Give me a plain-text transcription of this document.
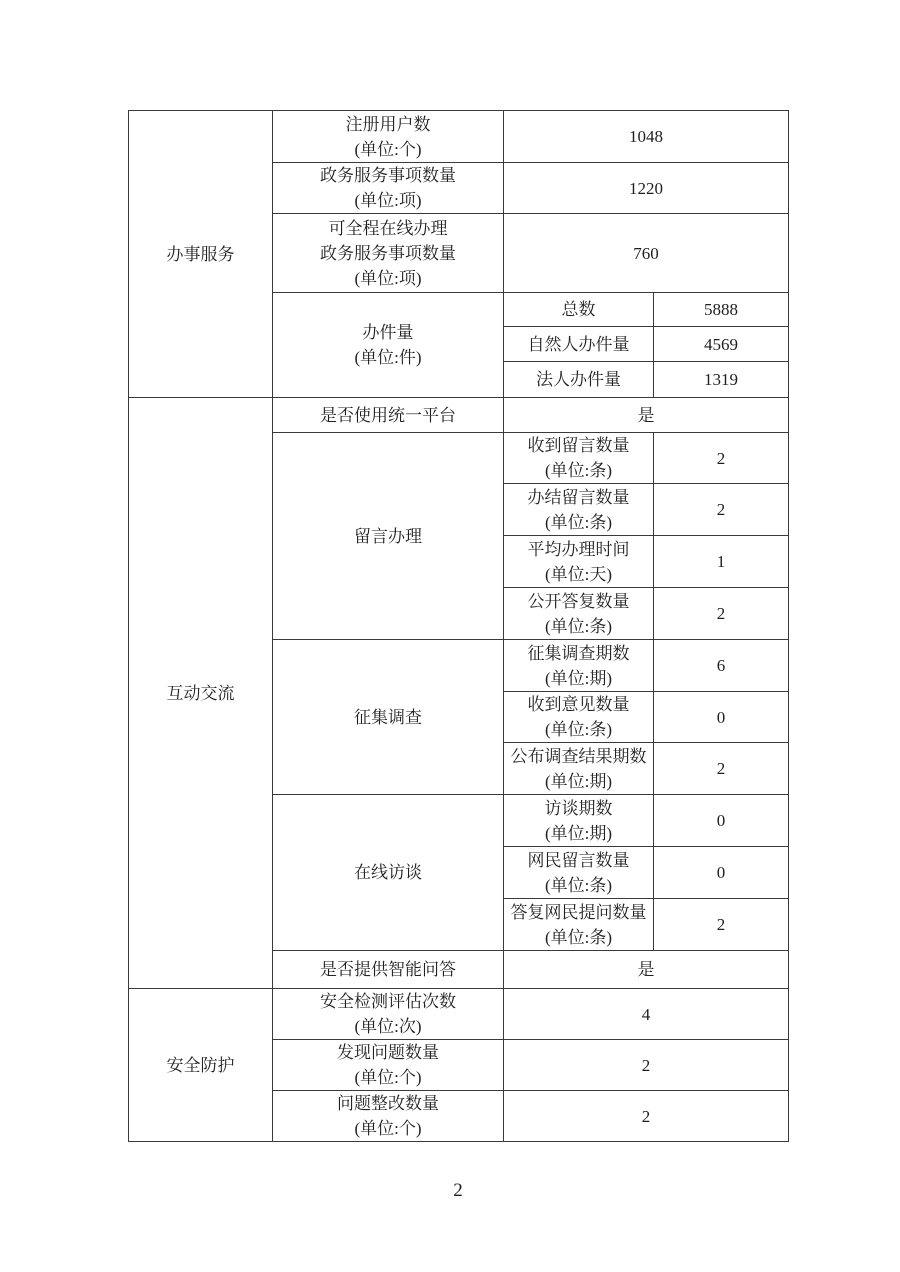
办事服务	注册用户数
(单位:个)	1048	

	政务服务事项数量
(单位:项)	1220	

	可全程在线办理
政务服务事项数量
(单位:项)	760	

	办件量
(单位:件)	总数	5888
		自然人办件量	4569
		法人办件量	1319
互动交流	是否使用统一平台	是	
	留言办理	收到留言数量
(单位:条)	2

		办结留言数量
(单位:条)	2

		平均办理时间
(单位:天)	1

		公开答复数量
(单位:条)	2
	征集调查	征集调查期数
(单位:期)	6

		收到意见数量
(单位:条)	0

		公布调查结果期数
(单位:期)	2
	在线访谈	访谈期数
(单位:期)	0

		网民留言数量
(单位:条)	0

		答复网民提问数量
(单位:条)	2
	是否提供智能问答	是	
安全防护	安全检测评估次数
(单位:次)	4	

	发现问题数量
(单位:个)	2	

	问题整改数量
(单位:个)	2	
2
